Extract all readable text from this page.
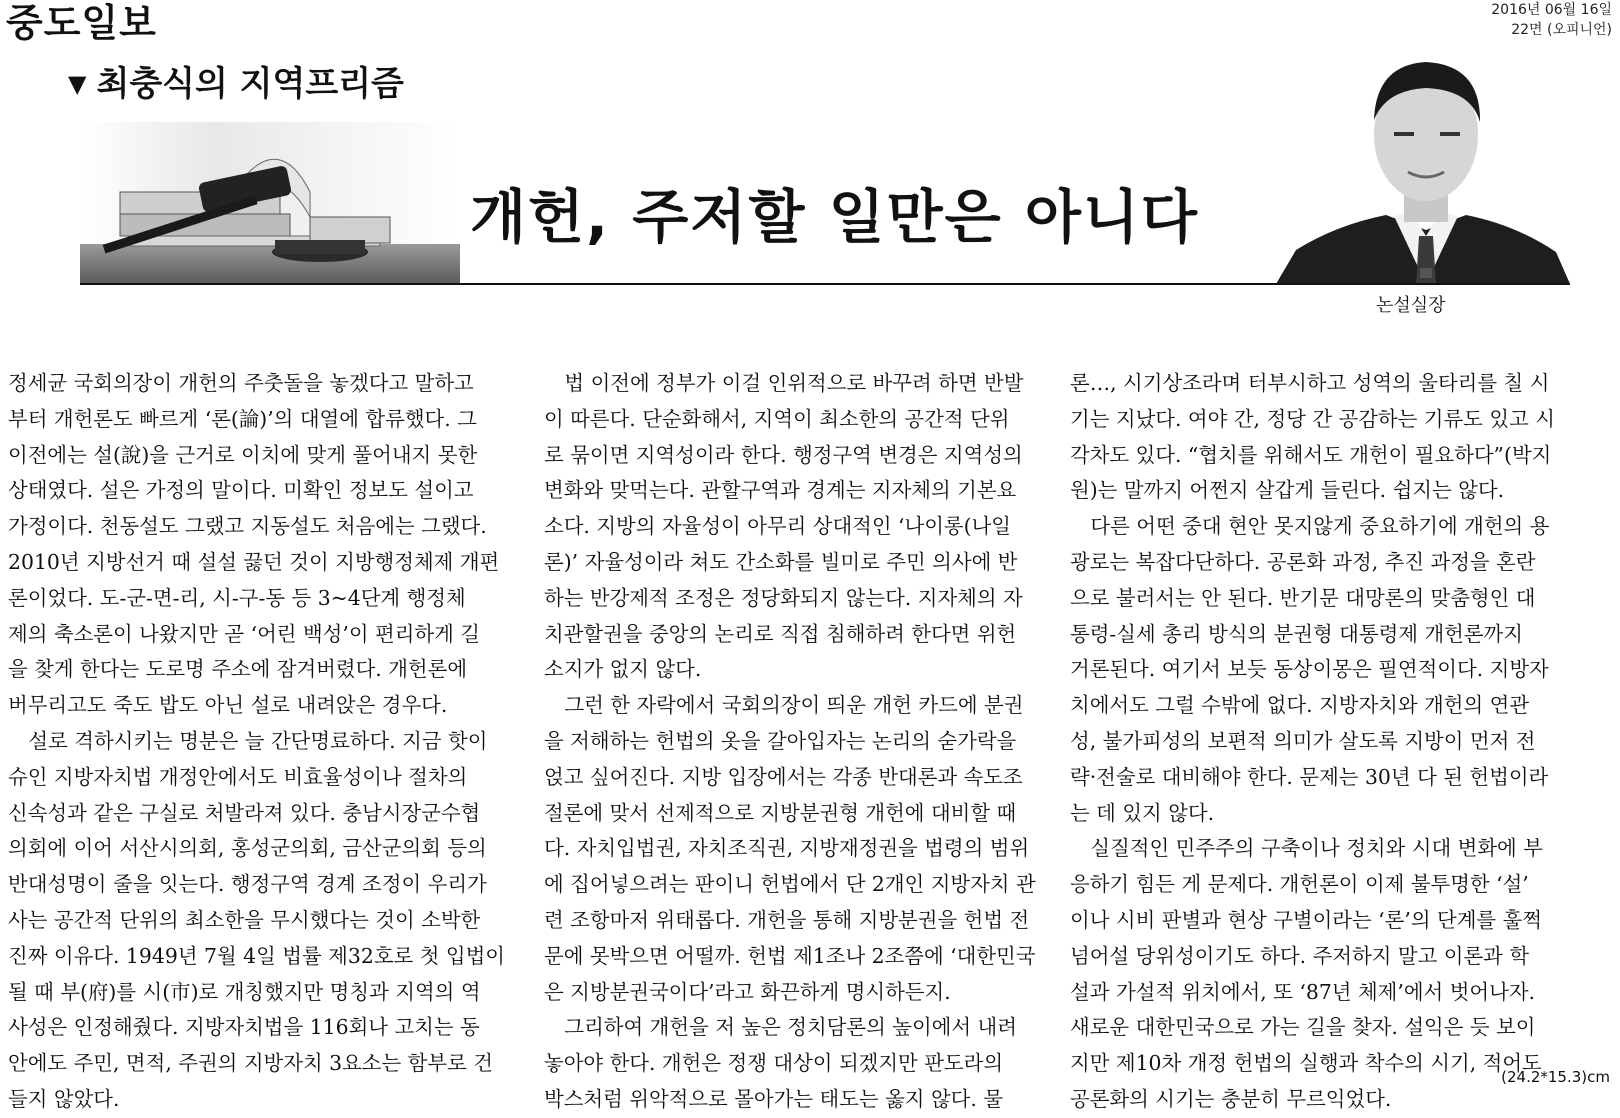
중도일보	2016년 06월 16일
22면 (오피니언)
▼ 최충식의 지역프리즘
개헌, 주저할 일만은 아니다
논설실장
정세균 국회의장이 개헌의 주춧돌을 놓겠다고 말하고
부터 개헌론도 빠르게 ‘론(論)’의 대열에 합류했다. 그
이전에는 설(說)을 근거로 이치에 맞게 풀어내지 못한
상태였다. 설은 가정의 말이다. 미확인 정보도 설이고
가정이다. 천동설도 그랬고 지동설도 처음에는 그랬다.
2010년 지방선거 때 설설 끓던 것이 지방행정체제 개편
론이었다. 도-군-면-리, 시-구-동 등 3~4단계 행정체
제의 축소론이 나왔지만 곧 ‘어린 백성’이 편리하게 길
을 찾게 한다는 도로명 주소에 잠겨버렸다. 개헌론에
버무리고도 죽도 밥도 아닌 설로 내려앉은 경우다.
　설로 격하시키는 명분은 늘 간단명료하다. 지금 핫이
슈인 지방자치법 개정안에서도 비효율성이나 절차의
신속성과 같은 구실로 처발라져 있다. 충남시장군수협
의회에 이어 서산시의회, 홍성군의회, 금산군의회 등의
반대성명이 줄을 잇는다. 행정구역 경계 조정이 우리가
사는 공간적 단위의 최소한을 무시했다는 것이 소박한
진짜 이유다. 1949년 7월 4일 법률 제32호로 첫 입법이
될 때 부(府)를 시(市)로 개칭했지만 명칭과 지역의 역
사성은 인정해줬다. 지방자치법을 116회나 고치는 동
안에도 주민, 면적, 주권의 지방자치 3요소는 함부로 건
들지 않았다.
　법 이전에 정부가 이걸 인위적으로 바꾸려 하면 반발
이 따른다. 단순화해서, 지역이 최소한의 공간적 단위
로 묶이면 지역성이라 한다. 행정구역 변경은 지역성의
변화와 맞먹는다. 관할구역과 경계는 지자체의 기본요
소다. 지방의 자율성이 아무리 상대적인 ‘나이롱(나일
론)’ 자율성이라 쳐도 간소화를 빌미로 주민 의사에 반
하는 반강제적 조정은 정당화되지 않는다. 지자체의 자
치관할권을 중앙의 논리로 직접 침해하려 한다면 위헌
소지가 없지 않다.
　그런 한 자락에서 국회의장이 띄운 개헌 카드에 분권
을 저해하는 헌법의 옷을 갈아입자는 논리의 숟가락을
얹고 싶어진다. 지방 입장에서는 각종 반대론과 속도조
절론에 맞서 선제적으로 지방분권형 개헌에 대비할 때
다. 자치입법권, 자치조직권, 지방재정권을 법령의 범위
에 집어넣으려는 판이니 헌법에서 단 2개인 지방자치 관
련 조항마저 위태롭다. 개헌을 통해 지방분권을 헌법 전
문에 못박으면 어떨까. 헌법 제1조나 2조쯤에 ‘대한민국
은 지방분권국이다’라고 화끈하게 명시하든지.
　그리하여 개헌을 저 높은 정치담론의 높이에서 내려
놓아야 한다. 개헌은 정쟁 대상이 되겠지만 판도라의
박스처럼 위악적으로 몰아가는 태도는 옳지 않다. 물
론…, 시기상조라며 터부시하고 성역의 울타리를 칠 시
기는 지났다. 여야 간, 정당 간 공감하는 기류도 있고 시
각차도 있다. “협치를 위해서도 개헌이 필요하다”(박지
원)는 말까지 어쩐지 살갑게 들린다. 쉽지는 않다.
　다른 어떤 중대 현안 못지않게 중요하기에 개헌의 용
광로는 복잡다단하다. 공론화 과정, 추진 과정을 혼란
으로 불러서는 안 된다. 반기문 대망론의 맞춤형인 대
통령-실세 총리 방식의 분권형 대통령제 개헌론까지
거론된다. 여기서 보듯 동상이몽은 필연적이다. 지방자
치에서도 그럴 수밖에 없다. 지방자치와 개헌의 연관
성, 불가피성의 보편적 의미가 살도록 지방이 먼저 전
략·전술로 대비해야 한다. 문제는 30년 다 된 헌법이라
는 데 있지 않다.
　실질적인 민주주의 구축이나 정치와 시대 변화에 부
응하기 힘든 게 문제다. 개헌론이 이제 불투명한 ‘설’
이나 시비 판별과 현상 구별이라는 ‘론’의 단계를 훌쩍
넘어설 당위성이기도 하다. 주저하지 말고 이론과 학
설과 가설적 위치에서, 또 ‘87년 체제’에서 벗어나자.
새로운 대한민국으로 가는 길을 찾자. 설익은 듯 보이
지만 제10차 개정 헌법의 실행과 착수의 시기, 적어도
공론화의 시기는 충분히 무르익었다.
(24.2*15.3)cm
